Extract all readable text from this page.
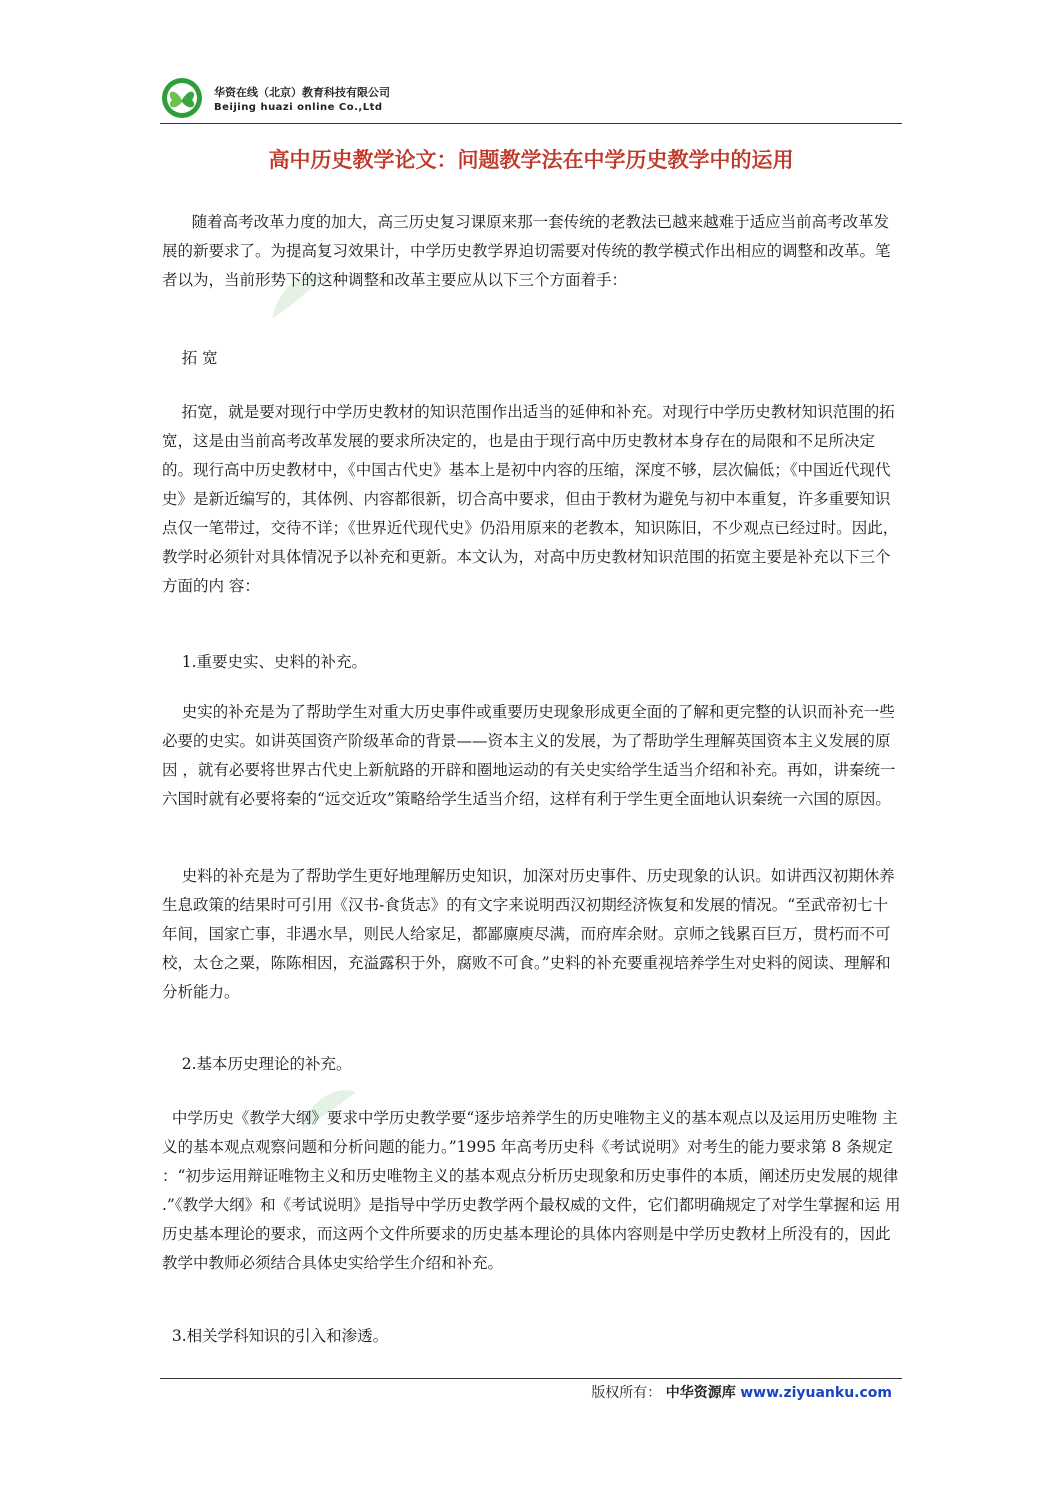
华资在线（北京）教育科技有限公司
Beijing huazi online Co.,Ltd
高中历史教学论文：问题教学法在中学历史教学中的运用

随着高考改革力度的加大，高三历史复习课原来那一套传统的老教法已越来越难于适应当前高考改革发展的新要求了。为提高复习效果计，中学历史教学界迫切需要对传统的教学模式作出相应的调整和改革。笔者以为，当前形势下的这种调整和改革主要应从以下三个方面着手：

拓 宽

拓宽，就是要对现行中学历史教材的知识范围作出适当的延伸和补充。对现行中学历史教材知识范围的拓宽，这是由当前高考改革发展的要求所决定的，也是由于现行高中历史教材本身存在的局限和不足所决定的。现行高中历史教材中，《中国古代史》基本上是初中内容的压缩，深度不够，层次偏低；《中国近代现代史》是新近编写的，其体例、内容都很新，切合高中要求，但由于教材为避免与初中本重复，许多重要知识点仅一笔带过，交待不详；《世界近代现代史》仍沿用原来的老教本，知识陈旧，不少观点已经过时。因此，教学时必须针对具体情况予以补充和更新。本文认为，对高中历史教材知识范围的拓宽主要是补充以下三个方面的内 容：

1.重要史实、史料的补充。

史实的补充是为了帮助学生对重大历史事件或重要历史现象形成更全面的了解和更完整的认识而补充一些 必要的史实。如讲英国资产阶级革命的背景——资本主义的发展，为了帮助学生理解英国资本主义发展的原因 ，就有必要将世界古代史上新航路的开辟和圈地运动的有关史实给学生适当介绍和补充。再如，讲秦统一六国时就有必要将秦的“远交近攻”策略给学生适当介绍，这样有利于学生更全面地认识秦统一六国的原因。

史料的补充是为了帮助学生更好地理解历史知识，加深对历史事件、历史现象的认识。如讲西汉初期休养 生息政策的结果时可引用《汉书-食货志》的有文字来说明西汉初期经济恢复和发展的情况。“至武帝初七十年间，国家亡事，非遇水旱，则民人给家足，都鄙廪庾尽满，而府库余财。京师之钱累百巨万，贯朽而不可校，太仓之粟，陈陈相因，充溢露积于外，腐败不可食。”史料的补充要重视培养学生对史料的阅读、理解和 分析能力。

2.基本历史理论的补充。

中学历史《教学大纲》要求中学历史教学要“逐步培养学生的历史唯物主义的基本观点以及运用历史唯物 主义的基本观点观察问题和分析问题的能力。”1995 年高考历史科《考试说明》对考生的能力要求第 8 条规定 ：“初步运用辩证唯物主义和历史唯物主义的基本观点分析历史现象和历史事件的本质，阐述历史发展的规律 .”《教学大纲》和《考试说明》是指导中学历史教学两个最权威的文件，它们都明确规定了对学生掌握和运 用历史基本理论的要求，而这两个文件所要求的历史基本理论的具体内容则是中学历史教材上所没有的，因此 教学中教师必须结合具体史实给学生介绍和补充。

3.相关学科知识的引入和渗透。

版权所有： 中华资源库 www.ziyuanku.com
